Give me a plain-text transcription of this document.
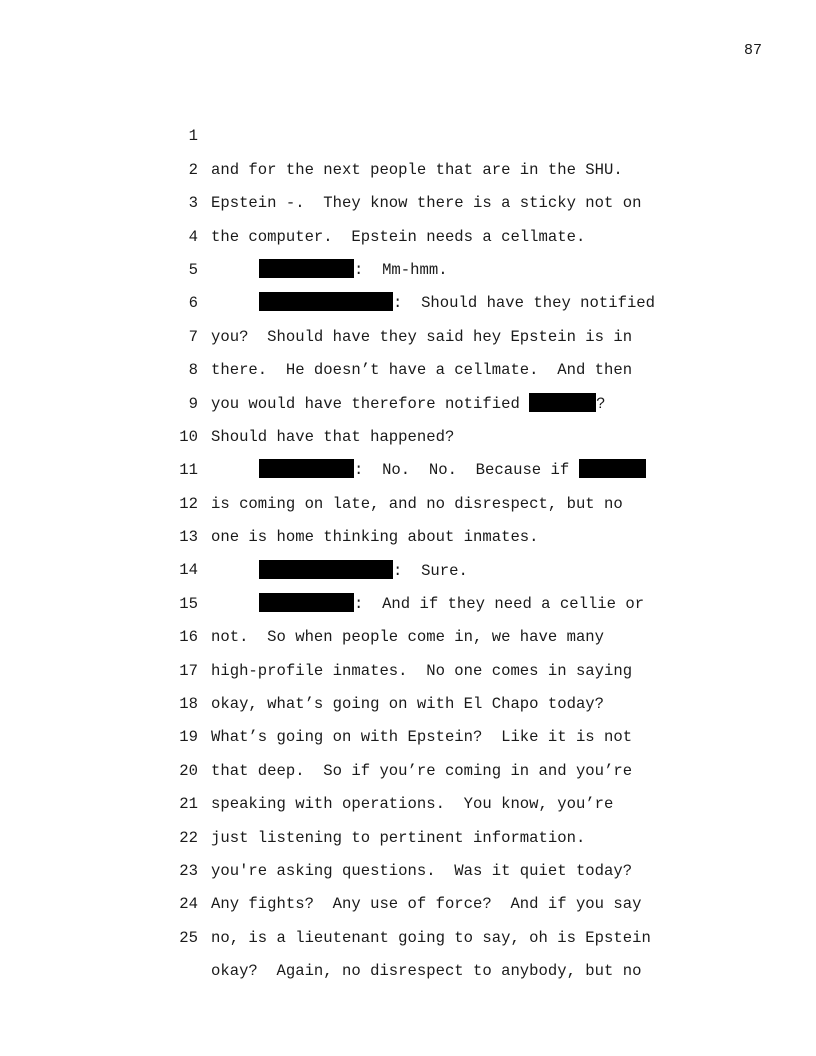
87

1

and for the next people that are in the SHU.

2

Epstein -.  They know there is a sticky not on

3

the computer.  Epstein needs a cellmate.

4

:  Mm-hmm.

5

:  Should have they notified

6

you?  Should have they said hey Epstein is in

7

there.  He doesn’t have a cellmate.  And then

8

you would have therefore notified	?

9

Should have that happened?

10

:  No.  No.  Because if

11

is coming on late, and no disrespect, but no

12

one is home thinking about inmates.

13

:  Sure.

14

:  And if they need a cellie or

15

not.  So when people come in, we have many

16

high-profile inmates.  No one comes in saying

17

okay, what’s going on with El Chapo today?

18

What’s going on with Epstein?  Like it is not

19

that deep.  So if you’re coming in and you’re

20

speaking with operations.  You know, you’re

21

just listening to pertinent information.

22

you're asking questions.  Was it quiet today?

23

Any fights?  Any use of force?  And if you say

24

no, is a lieutenant going to say, oh is Epstein

25

okay?  Again, no disrespect to anybody, but no
